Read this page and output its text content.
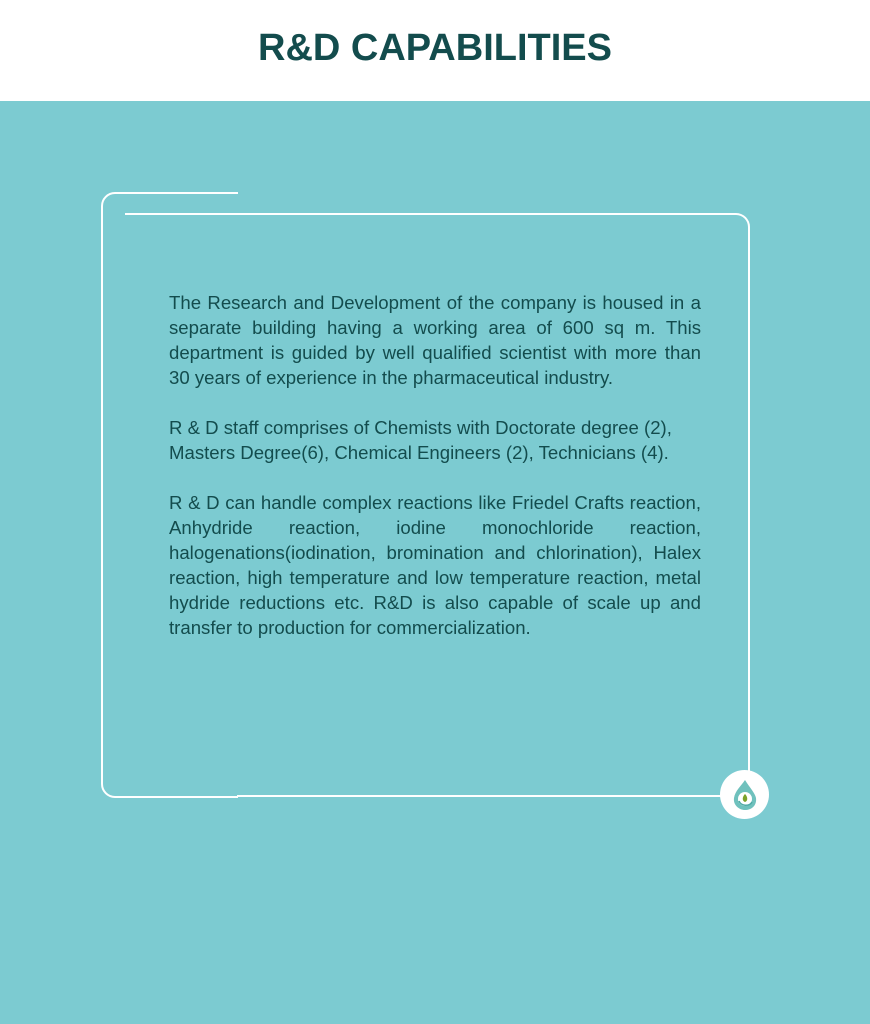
R&D CAPABILITIES

The Research and Development of the company is housed in a separate building having a working area of 600 sq m. This department is guided by well qualified scientist with more than 30 years of experience in the pharmaceutical industry.

R & D staff comprises of Chemists with Doctorate degree (2), Masters Degree(6), Chemical Engineers (2), Technicians (4).

R & D can handle complex reactions like Friedel Crafts reaction, Anhydride reaction, iodine monochloride reaction, halogenations(iodination, bromination and chlorination), Halex reaction, high temperature and low temperature reaction, metal hydride reductions etc. R&D is also capable of scale up and transfer to production for commercialization.
